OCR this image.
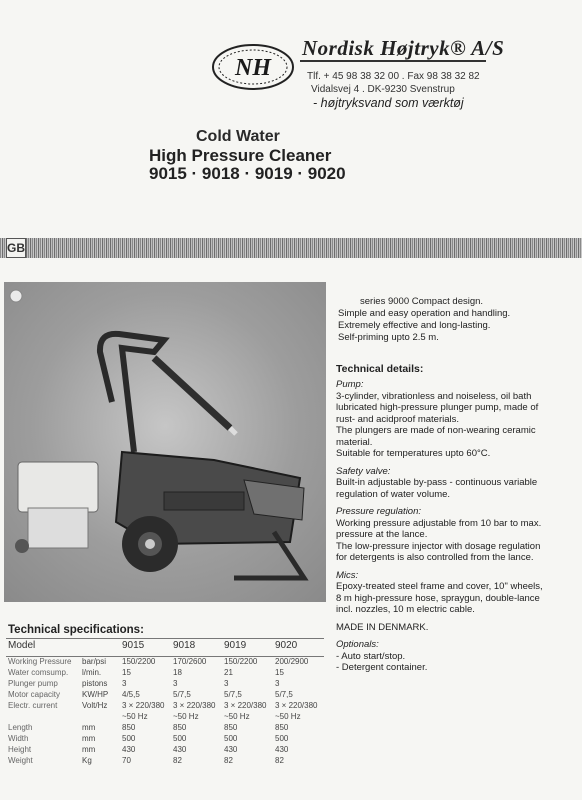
NH
Nordisk Højtryk® A/S
Tlf. + 45 98 38 32 00 . Fax 98 38 32 82
Vidalsvej 4 . DK-9230 Svenstrup
- højtryksvand som værktøj
Cold Water
High Pressure Cleaner
9015 · 9018 · 9019 · 9020
GB

series 9000 Compact design.

Simple and easy operation and handling.

Extremely effective and long-lasting.

Self-priming upto 2.5 m.

Technical details:

Pump:

3-cylinder, vibrationless and noiseless, oil bath lubricated high-pressure plunger pump, made of rust- and acidproof materials.
The plungers are made of non-wearing ceramic material.
Suitable for temperatures upto 60°C.

Safety valve:

Built-in adjustable by-pass - continuous variable regulation of water volume.

Pressure regulation:

Working pressure adjustable from 10 bar to max. pressure at the lance.
The low-pressure injector with dosage regulation for detergents is also controlled from the lance.

Mics:

Epoxy-treated steel frame and cover, 10" wheels, 8 m high-pressure hose, spraygun, double-lance incl. nozzles, 10 m electric cable.

MADE IN DENMARK.

Optionals:

- Auto start/stop.
- Detergent container.

Technical specifications:
Model		9015	9018	9019	9020
Working Pressure	bar/psi	150/2200	170/2600	150/2200	200/2900
Water comsump.	l/min.	15	18	21	15
Plunger pump	pistons	3	3	3	3
Motor capacity	KW/HP	4/5,5	5/7,5	5/7,5	5/7,5
Electr. current	Volt/Hz	3 × 220/380	3 × 220/380	3 × 220/380	3 × 220/380
		~50 Hz	~50 Hz	~50 Hz	~50 Hz
Length	mm	850	850	850	850
Width	mm	500	500	500	500
Height	mm	430	430	430	430
Weight	Kg	70	82	82	82
